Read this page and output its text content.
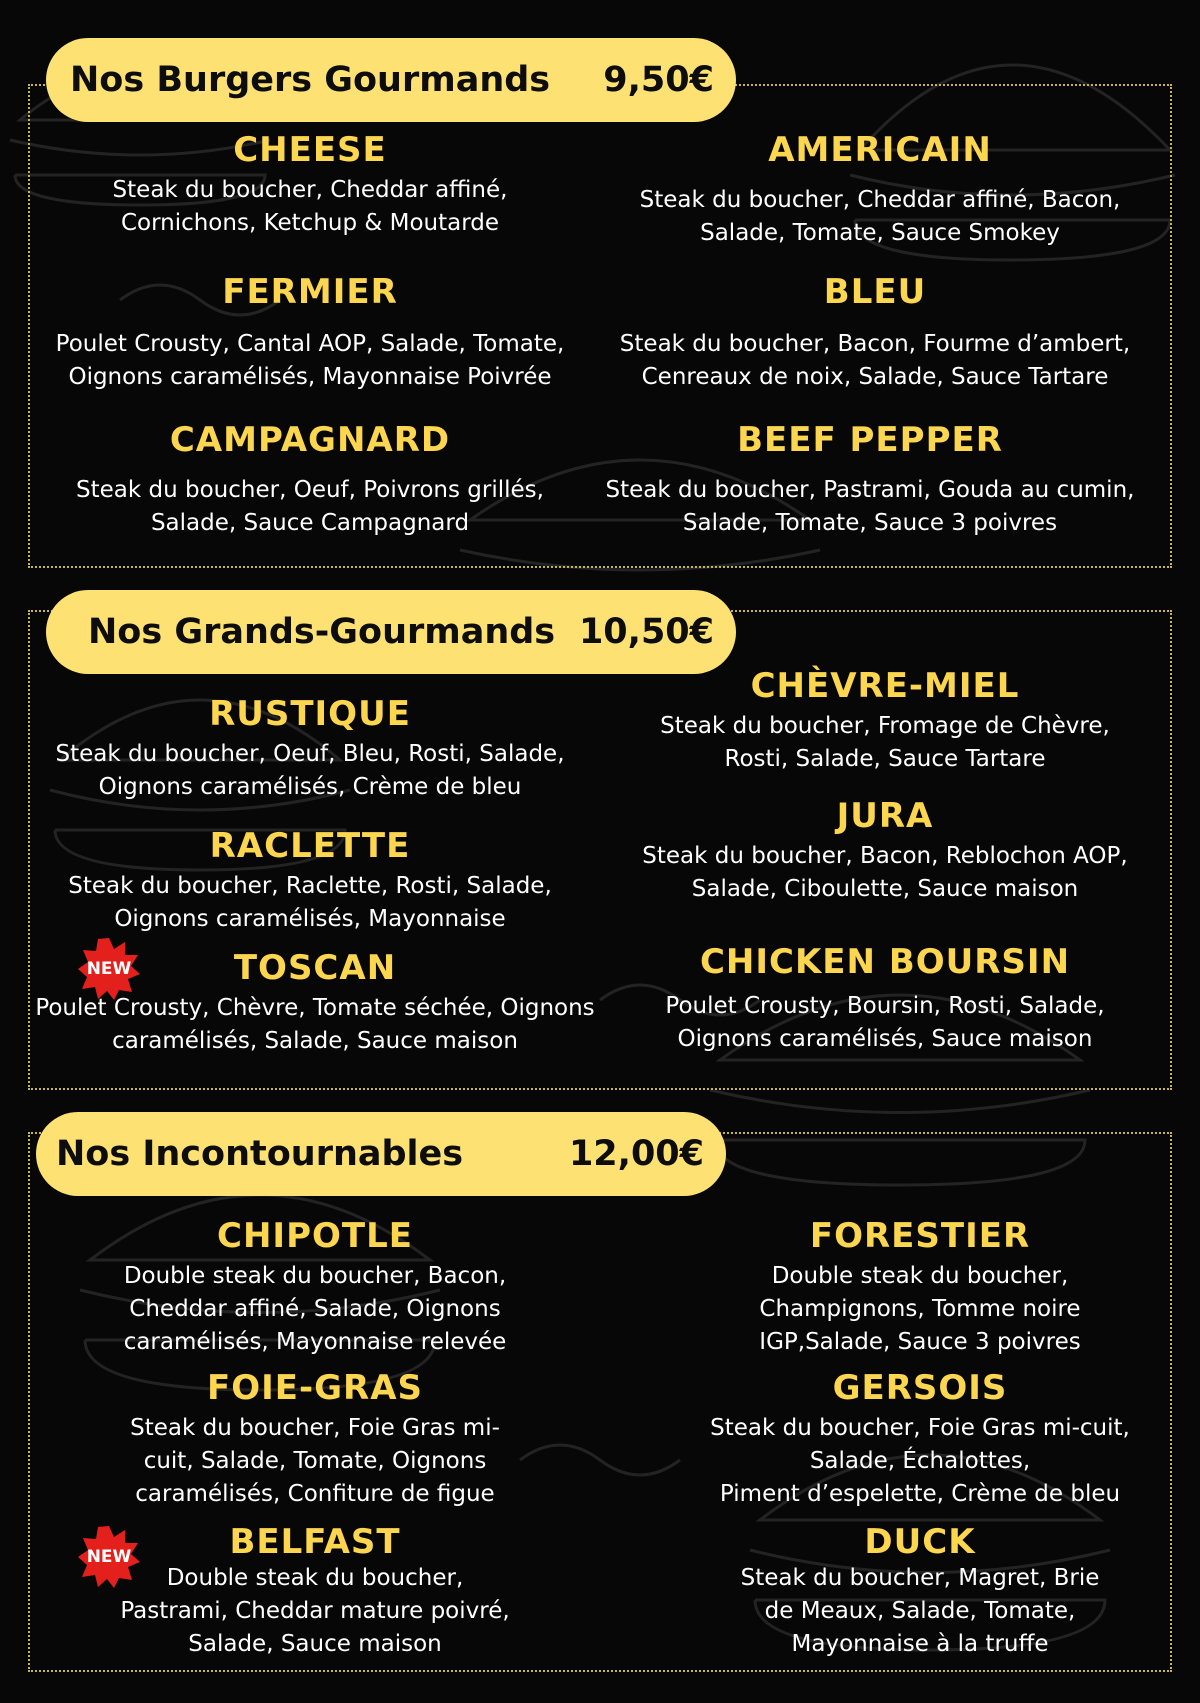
Nos Burgers Gourmands 9,50€
CHEESE
Steak du boucher, Cheddar affiné,
Cornichons, Ketchup & Moutarde
AMERICAIN
Steak du boucher, Cheddar affiné, Bacon,
Salade, Tomate, Sauce Smokey
FERMIER
Poulet Crousty, Cantal AOP, Salade, Tomate,
Oignons caramélisés, Mayonnaise Poivrée
BLEU
Steak du boucher, Bacon, Fourme d’ambert,
Cenreaux de noix, Salade, Sauce Tartare
CAMPAGNARD
Steak du boucher, Oeuf, Poivrons grillés,
Salade, Sauce Campagnard
BEEF PEPPER
Steak du boucher, Pastrami, Gouda au cumin,
Salade, Tomate, Sauce 3 poivres
Nos Grands-Gourmands 10,50€
RUSTIQUE
Steak du boucher, Oeuf, Bleu, Rosti, Salade,
Oignons caramélisés, Crème de bleu
CHÈVRE-MIEL
Steak du boucher, Fromage de Chèvre,
Rosti, Salade, Sauce Tartare
RACLETTE
Steak du boucher, Raclette, Rosti, Salade,
Oignons caramélisés, Mayonnaise
JURA
Steak du boucher, Bacon, Reblochon AOP,
Salade, Ciboulette, Sauce maison
NEW	TOSCAN
Poulet Crousty, Chèvre, Tomate séchée, Oignons
caramélisés, Salade, Sauce maison
CHICKEN BOURSIN
Poulet Crousty, Boursin, Rosti, Salade,
Oignons caramélisés, Sauce maison
Nos Incontournables	12,00€
CHIPOTLE
Double steak du boucher, Bacon,
Cheddar affiné, Salade, Oignons
caramélisés, Mayonnaise relevée
FORESTIER
Double steak du boucher,
Champignons, Tomme noire
IGP,Salade, Sauce 3 poivres
FOIE-GRAS
Steak du boucher, Foie Gras mi-
cuit, Salade, Tomate, Oignons
caramélisés, Confiture de figue
GERSOIS
Steak du boucher, Foie Gras mi-cuit,
Salade, Échalottes,
Piment d’espelette, Crème de bleu
NEW	BELFAST
Double steak du boucher,
Pastrami, Cheddar mature poivré,
Salade, Sauce maison
DUCK
Steak du boucher, Magret, Brie
de Meaux, Salade, Tomate,
Mayonnaise à la truffe
